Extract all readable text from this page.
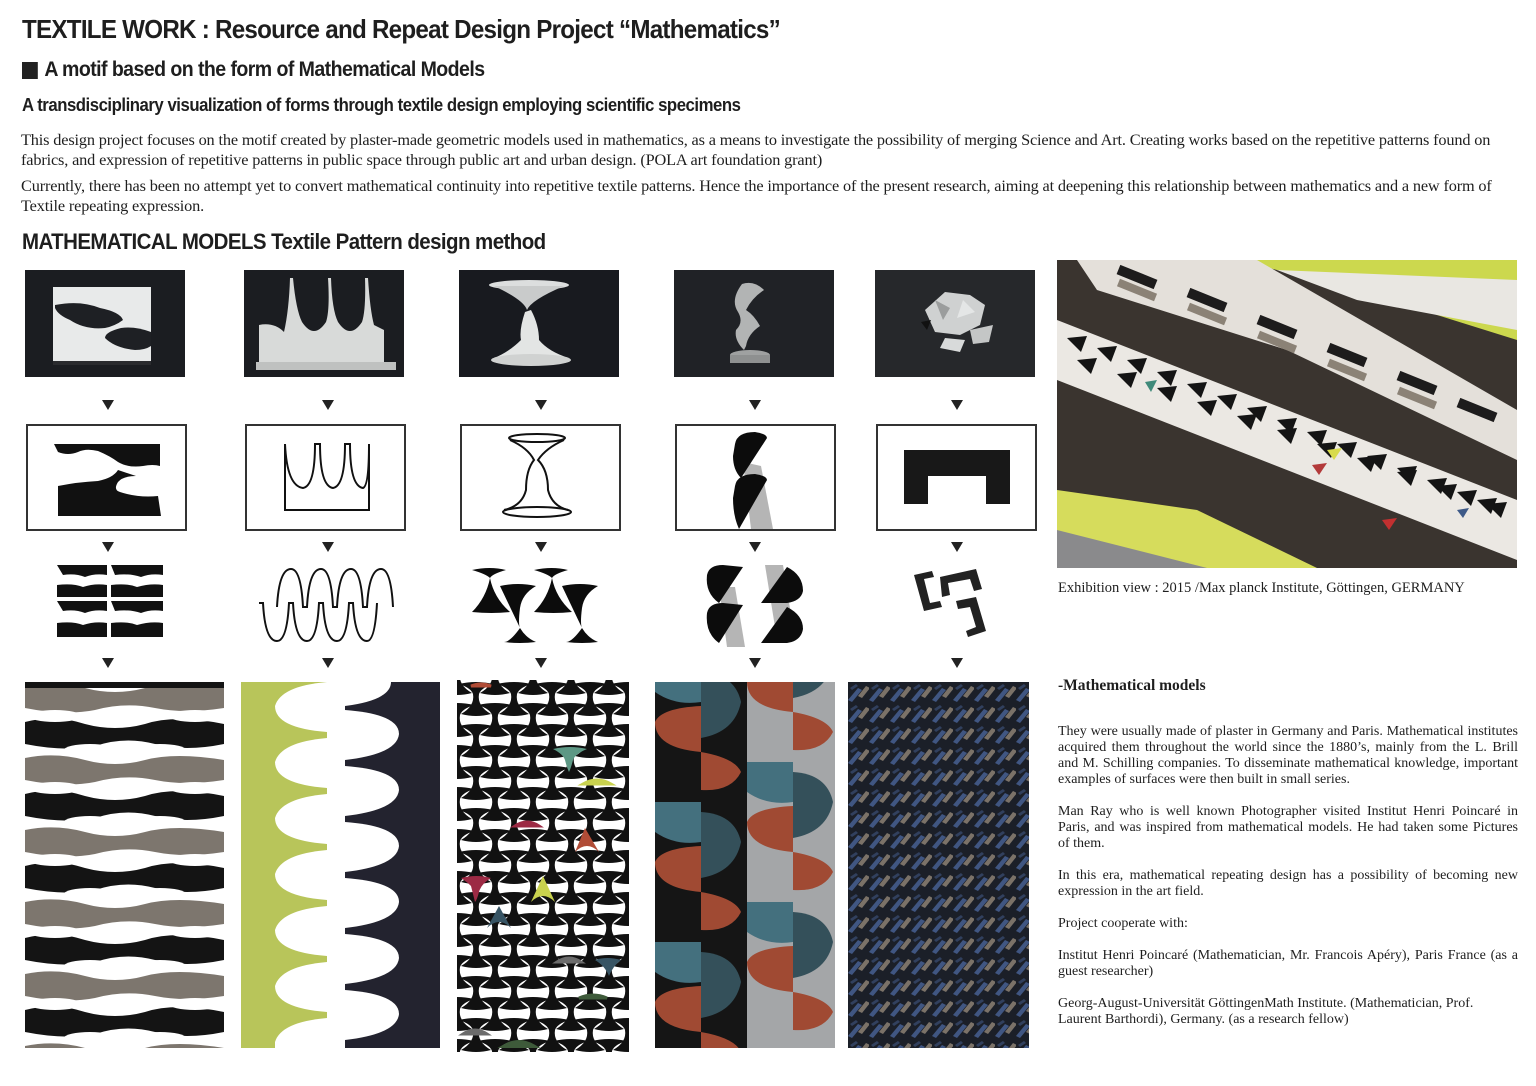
TEXTILE WORK : Resource and Repeat Design Project “Mathematics”
A motif based on the form of Mathematical Models
A transdisciplinary visualization of forms through textile design employing scientific specimens

This design project focuses on the motif created by plaster-made geometric models used in mathematics, as a means to investigate the possibility of merging Science and Art. Creating works based on the repetitive patterns found on fabrics, and expression of repetitive patterns in public space through public art and urban design. (POLA art foundation grant)

Currently, there has been no attempt yet to convert mathematical continuity into repetitive textile patterns. Hence the importance of the present research, aiming at deepening this relationship between mathematics and a new form of Textile repeating expression.

MATHEMATICAL MODELS Textile Pattern design method
Exhibition view : 2015 /Max planck Institute, Göttingen, GERMANY
-Mathematical models

They were usually made of plaster in Germany and Paris. Mathematical institutes acquired them throughout the world since the 1880’s, mainly from the L. Brill and M. Schilling companies. To disseminate mathematical knowledge, important examples of surfaces were then built in small series.

Man Ray who is well known Photographer visited Institut Henri Poincaré in Paris, and was inspired from mathematical models. He had taken some Pictures of them.

In this era, mathematical repeating design has a possibility of becoming new expression in the art field.

Project cooperate with:

Institut Henri Poincaré (Mathematician, Mr. Francois Apéry), Paris France (as a guest researcher)

Georg-August-Universität GöttingenMath Institute. (Mathematician, Prof. Laurent Barthordi), Germany. (as a research fellow)
